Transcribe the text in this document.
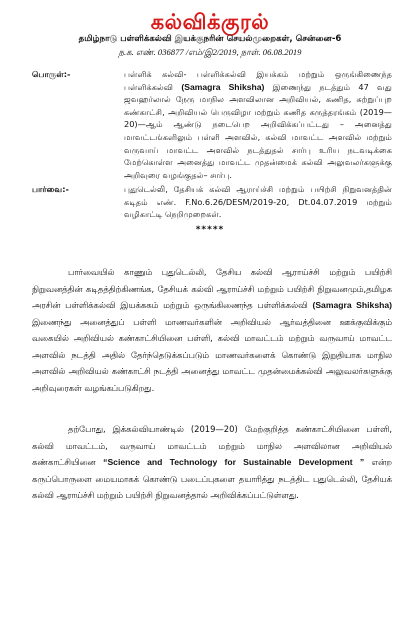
கல்விக்குரல்
தமிழ்நாடு பள்ளிக்கல்வி இயக்குநரின் செயல்முறைகள், சென்னை-6
ந.க. எண். 036877 /எம்/இ2/2019, நாள். 06.08.2019
பொருள்:-	பள்ளிக் கல்வி- பள்ளிக்கல்வி இயக்கம் மற்றும் ஒருங்கிணைந்த பள்ளிக்கல்வி (Samagra Shiksha) இணைந்து நடத்தும் 47 வது ஜவஹர்லால் நேரு மாநில அளவிலான அறிவியல், கணித, சுற்றுப்புற கண்காட்சி, அறிவியல் பெருவிழா மற்றும் கணித கருத்தரங்கம் (2019—20)—ஆம் ஆண்டு நடைபெற அறிவிக்கப்பட்டது – அனைத்து மாவட்டங்களிலும் பள்ளி அளவில், கல்வி மாவட்ட அளவில் மற்றும் வருவாய் மாவட்ட அளவில் நடத்துதல் சார்பு உரிய நடவடிக்கை மேற்கொள்ள அனைத்து மாவட்ட முதன்மைக் கல்வி அலுவலர்களுக்கு அறிவுரை வழங்குதல்– சார்பு.
பார்வை:-	புதுடெல்லி, தேசியக் கல்வி ஆராய்ச்சி மற்றும் பயிற்சி நிறுவனத்தின் கடிதம் எண். F.No.6.26/DESM/2019-20, Dt.04.07.2019 மற்றும் வழிகாட்டி நெறிமுறைகள்.
*****
பார்வையில் காணும் புதுடெல்லி, தேசிய கல்வி ஆராய்ச்சி மற்றும் பயிற்சி நிறுவனத்தின் கடிதத்திற்கிணங்க, தேசியக் கல்வி ஆராய்ச்சி மற்றும் பயிற்சி நிறுவனமும்,தமிழக அரசின் பள்ளிக்கல்வி இயக்ககம் மற்றும் ஒருங்கிணைந்த பள்ளிக்கல்வி (Samagra Shiksha) இணைந்து அனைத்துப் பள்ளி மாணவர்களின் அறிவியல் ஆர்வத்தினை ஊக்குவிக்கும் வகையில் அறிவியல் கண்காட்சியினை பள்ளி, கல்வி மாவட்டம் மற்றும் வருவாய் மாவட்ட அளவில் நடத்தி அதில் தேர்ந்தெடுக்கப்படும் மாணவர்களைக் கொண்டு இறுதியாக மாநில அளவில் அறிவியல் கண்காட்சி நடத்தி அனைத்து மாவட்ட முதன்மைக்கல்வி அலுவலர்களுக்கு அறிவுரைகள் வழங்கப்படுகிறது.
தற்போது, இக்கல்வியாண்டில் (2019—20) மேற்குறித்த கண்காட்சியினை பள்ளி, கல்வி மாவட்டம், வருவாய் மாவட்டம் மற்றும் மாநில அளவிலான அறிவியல் கண்காட்சியினை “Science and Technology for Sustainable Development ” என்ற கருப்பொருளை மையமாகக் கொண்டு படைப்புகளை தயாரித்து நடத்திட புதுடெல்லி, தேசியக் கல்வி ஆராய்ச்சி மற்றும் பயிற்சி நிறுவனத்தால் அறிவிக்கப்பட்டுள்ளது.
